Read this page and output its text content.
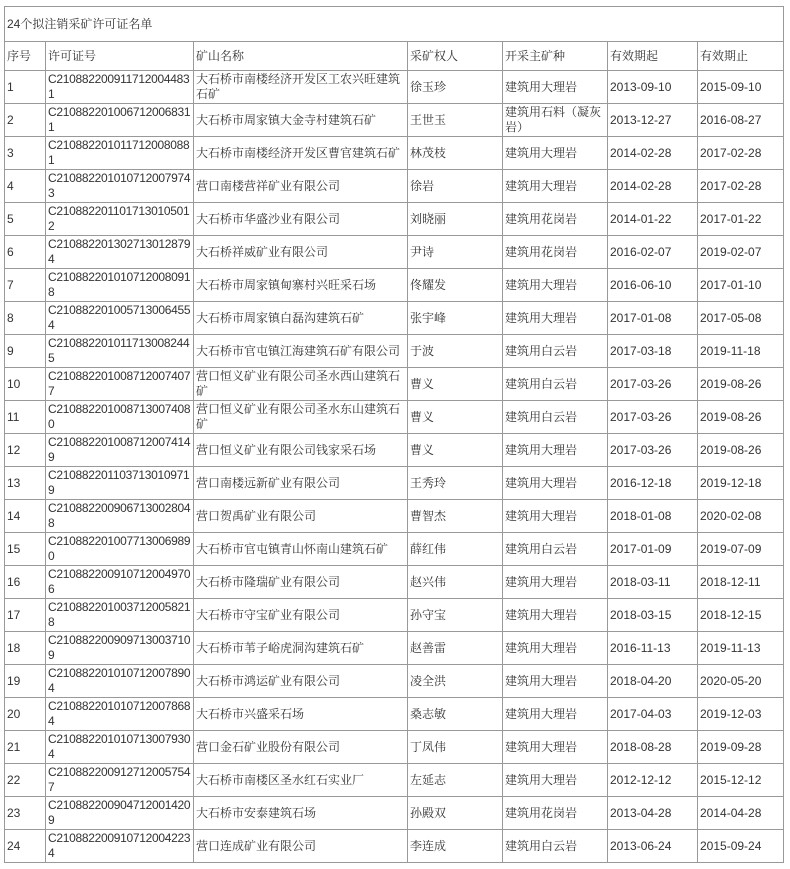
24个拟注销采矿许可证名单						
序号	许可证号	矿山名称	采矿权人	开采主矿种	有效期起	有效期止
1	C2108822009117120044831	大石桥市南楼经济开发区工农兴旺建筑石矿	徐玉珍	建筑用大理岩	2013-09-10	2015-09-10
2	C2108822010067120068311	大石桥市周家镇大金寺村建筑石矿	王世玉	建筑用石料（凝灰岩）	2013-12-27	2016-08-27
3	C2108822010117120080881	大石桥市南楼经济开发区曹官建筑石矿	林茂枝	建筑用大理岩	2014-02-28	2017-02-28
4	C2108822010107120079743	营口南楼营祥矿业有限公司	徐岩	建筑用大理岩	2014-02-28	2017-02-28
5	C2108822011017130105012	大石桥市华盛沙业有限公司	刘晓丽	建筑用花岗岩	2014-01-22	2017-01-22
6	C2108822013027130128794	大石桥祥威矿业有限公司	尹诗	建筑用花岗岩	2016-02-07	2019-02-07
7	C2108822010107120080918	大石桥市周家镇甸寨村兴旺采石场	佟耀发	建筑用大理岩	2016-06-10	2017-01-10
8	C2108822010057130064554	大石桥市周家镇白磊沟建筑石矿	张宇峰	建筑用大理岩	2017-01-08	2017-05-08
9	C2108822010117130082445	大石桥市官屯镇江海建筑石矿有限公司	于波	建筑用白云岩	2017-03-18	2019-11-18
10	C2108822010087120074077	营口恒义矿业有限公司圣水西山建筑石矿	曹义	建筑用白云岩	2017-03-26	2019-08-26
11	C2108822010087130074080	营口恒义矿业有限公司圣水东山建筑石矿	曹义	建筑用白云岩	2017-03-26	2019-08-26
12	C2108822010087120074149	营口恒义矿业有限公司钱家采石场	曹义	建筑用大理岩	2017-03-26	2019-08-26
13	C2108822011037130109719	营口南楼远新矿业有限公司	王秀玲	建筑用大理岩	2016-12-18	2019-12-18
14	C2108822009067130028048	营口贺禹矿业有限公司	曹智杰	建筑用大理岩	2018-01-08	2020-02-08
15	C2108822010077130069890	大石桥市官屯镇青山怀南山建筑石矿	薛红伟	建筑用白云岩	2017-01-09	2019-07-09
16	C2108822009107120049706	大石桥市隆瑞矿业有限公司	赵兴伟	建筑用大理岩	2018-03-11	2018-12-11
17	C2108822010037120058218	大石桥市守宝矿业有限公司	孙守宝	建筑用大理岩	2018-03-15	2018-12-15
18	C2108822009097130037109	大石桥市苇子峪虎洞沟建筑石矿	赵善雷	建筑用大理岩	2016-11-13	2019-11-13
19	C2108822010107120078904	大石桥市鸿运矿业有限公司	凌全洪	建筑用大理岩	2018-04-20	2020-05-20
20	C2108822010107120078684	大石桥市兴盛采石场	桑志敏	建筑用大理岩	2017-04-03	2019-12-03
21	C2108822010107130079304	营口金石矿业股份有限公司	丁凤伟	建筑用大理岩	2018-08-28	2019-09-28
22	C2108822009127120057547	大石桥市南楼区圣水红石实业厂	左延志	建筑用大理岩	2012-12-12	2015-12-12
23	C2108822009047120014209	大石桥市安泰建筑石场	孙殿双	建筑用花岗岩	2013-04-28	2014-04-28
24	C2108822009107120042234	营口连成矿业有限公司	李连成	建筑用白云岩	2013-06-24	2015-09-24
